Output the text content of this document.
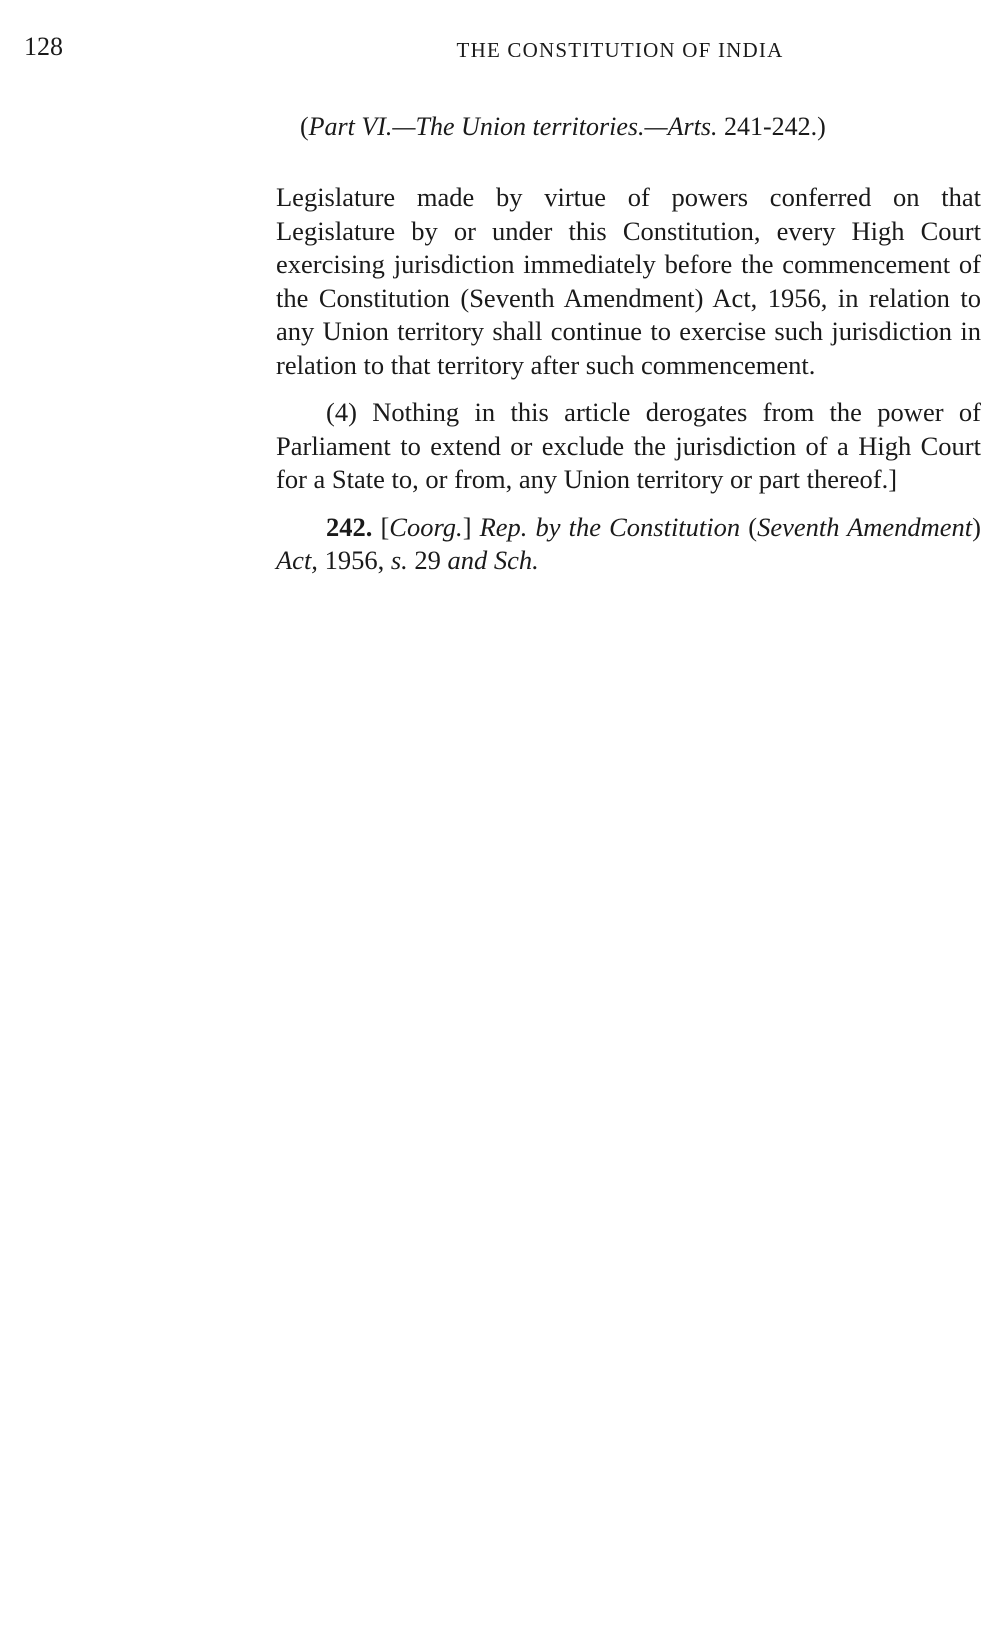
128	THE CONSTITUTION OF INDIA
(Part VI.—The Union territories.—Arts. 241-242.)

Legislature made by virtue of powers conferred on that Legislature by or under this Constitution, every High Court exercising jurisdiction immediately before the commencement of the Constitution (Seventh Amendment) Act, 1956, in relation to any Union territory shall continue to exercise such jurisdiction in relation to that territory after such commencement.

(4) Nothing in this article derogates from the power of Parliament to extend or exclude the jurisdiction of a High Court for a State to, or from, any Union territory or part thereof.]

242. [Coorg.] Rep. by the Constitution (Seventh Amendment) Act, 1956, s. 29 and Sch.
